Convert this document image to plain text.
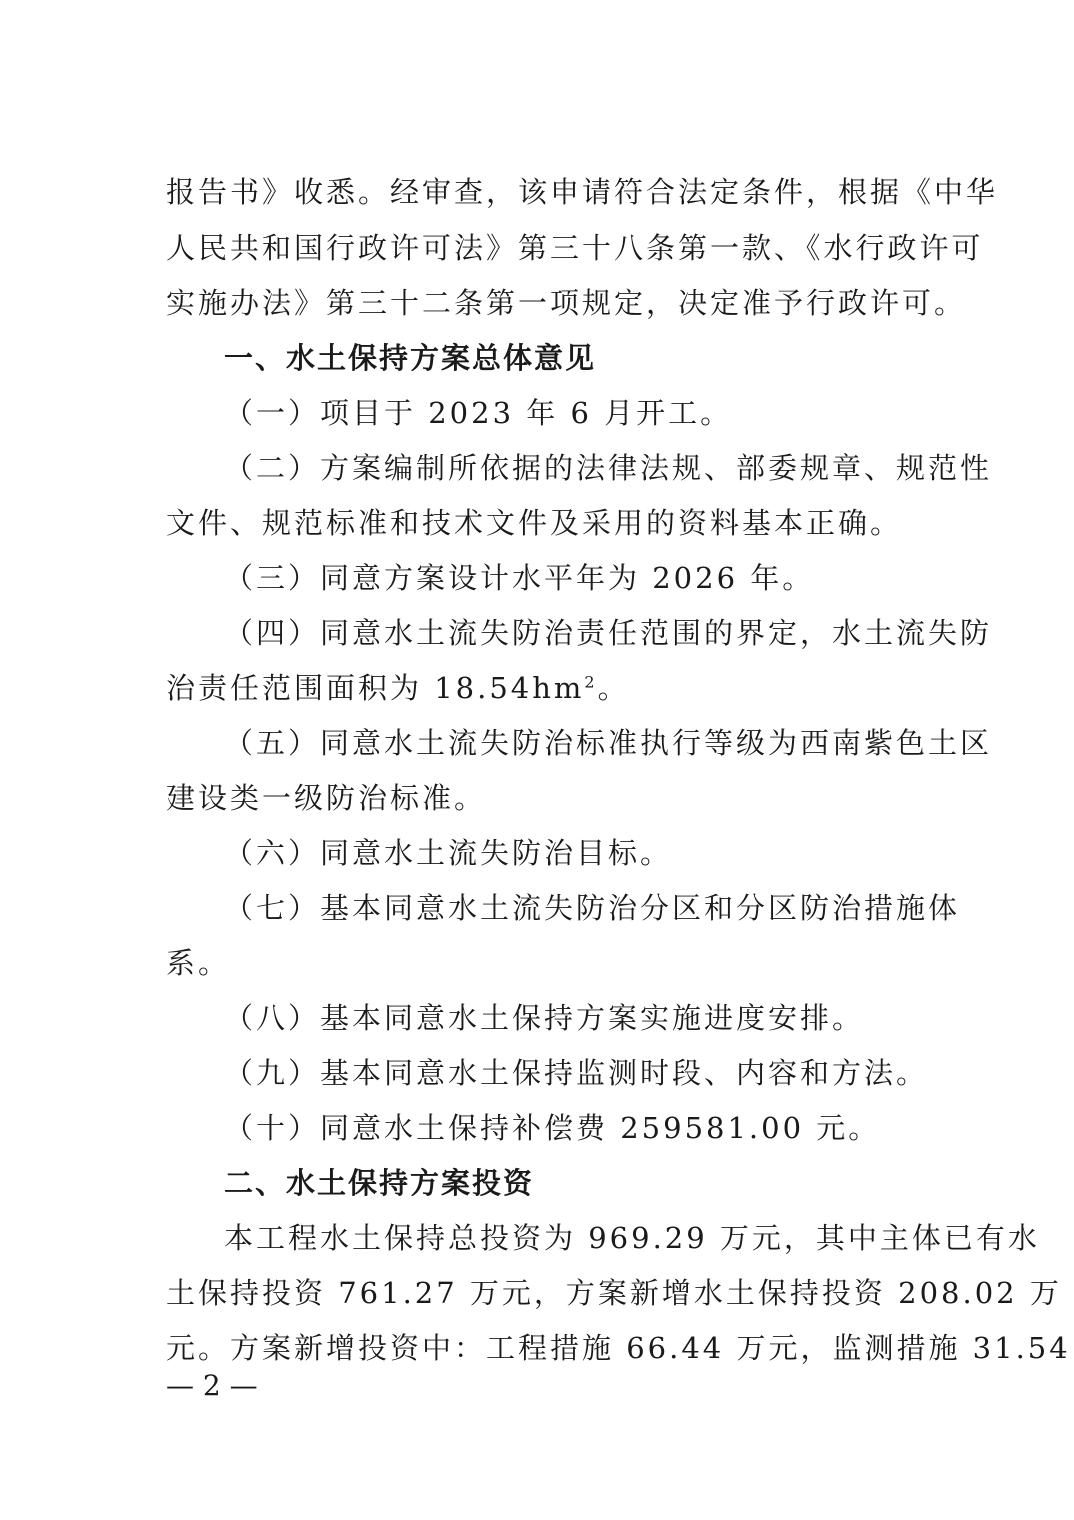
报告书》收悉。经审查，该申请符合法定条件，根据《中华
人民共和国行政许可法》第三十八条第一款、《水行政许可
实施办法》第三十二条第一项规定，决定准予行政许可。
一、水土保持方案总体意见
（一）项目于 2023 年 6 月开工。
（二）方案编制所依据的法律法规、部委规章、规范性
文件、规范标准和技术文件及采用的资料基本正确。
（三）同意方案设计水平年为 2026 年。
（四）同意水土流失防治责任范围的界定，水土流失防
治责任范围面积为 $18.54hm^2$。
（五）同意水土流失防治标准执行等级为西南紫色土区
建设类一级防治标准。
（六）同意水土流失防治目标。
（七）基本同意水土流失防治分区和分区防治措施体
系。
（八）基本同意水土保持方案实施进度安排。
（九）基本同意水土保持监测时段、内容和方法。
（十）同意水土保持补偿费 259581.00 元。
二、水土保持方案投资
本工程水土保持总投资为 969.29 万元，其中主体已有水
土保持投资 761.27 万元，方案新增水土保持投资 208.02 万
元。方案新增投资中：工程措施 66.44 万元，监测措施 31.54
— 2 —
